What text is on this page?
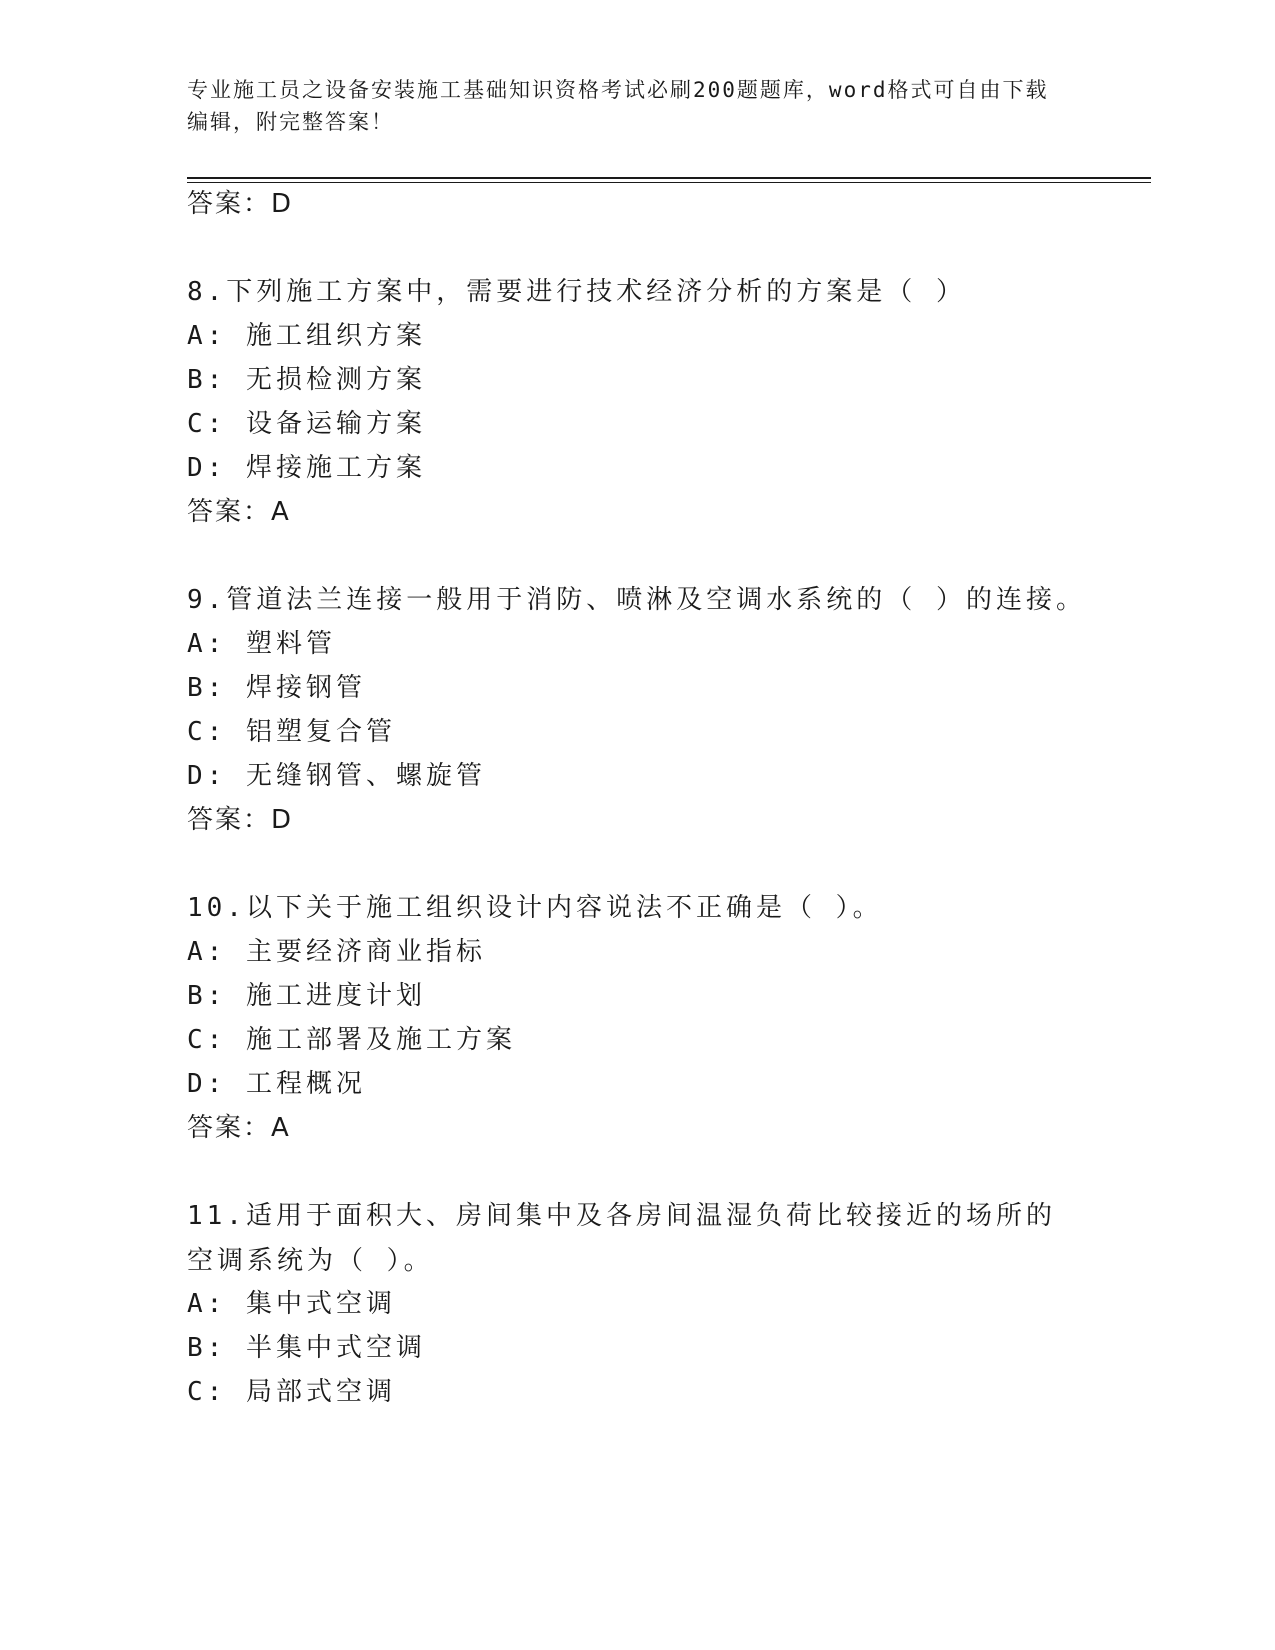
专业施工员之设备安装施工基础知识资格考试必刷200题题库，word格式可自由下载编辑，附完整答案！
答案：D
8.下列施工方案中，需要进行技术经济分析的方案是（ ）
A: 施工组织方案
B: 无损检测方案
C: 设备运输方案
D: 焊接施工方案
答案：A
9.管道法兰连接一般用于消防、喷淋及空调水系统的（ ）的连接。
A: 塑料管
B: 焊接钢管
C: 铝塑复合管
D: 无缝钢管、螺旋管
答案：D
10.以下关于施工组织设计内容说法不正确是（ ）。
A: 主要经济商业指标
B: 施工进度计划
C: 施工部署及施工方案
D: 工程概况
答案：A
11.适用于面积大、房间集中及各房间温湿负荷比较接近的场所的空调系统为（ ）。
A: 集中式空调
B: 半集中式空调
C: 局部式空调
